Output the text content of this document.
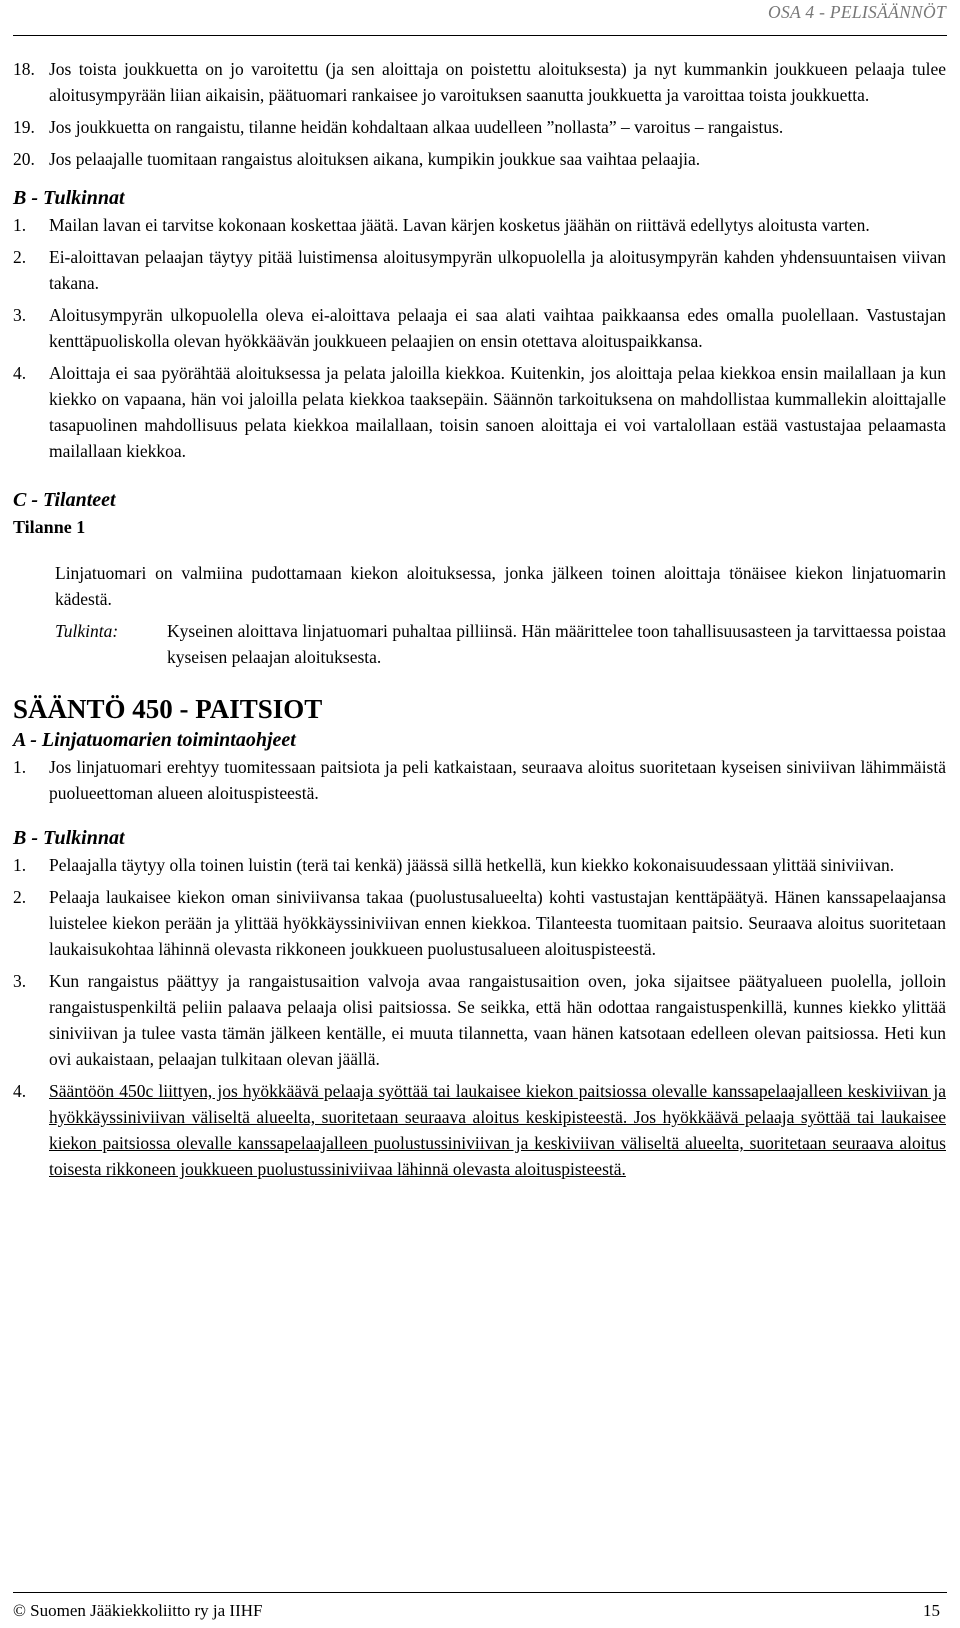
OSA 4 - PELISÄÄNNÖT
18. Jos toista joukkuetta on jo varoitettu (ja sen aloittaja on poistettu aloituksesta) ja nyt kummankin joukkueen pelaaja tulee aloitusympyrään liian aikaisin, päätuomari rankaisee jo varoituksen saanutta joukkuetta ja varoittaa toista joukkuetta.
19. Jos joukkuetta on rangaistu, tilanne heidän kohdaltaan alkaa uudelleen ”nollasta” – varoitus – rangaistus.
20. Jos pelaajalle tuomitaan rangaistus aloituksen aikana, kumpikin joukkue saa vaihtaa pelaajia.
B - Tulkinnat
1.	Mailan lavan ei tarvitse kokonaan koskettaa jäätä. Lavan kärjen kosketus jäähän on riittävä edellytys aloitusta varten.
2.	Ei-aloittavan pelaajan täytyy pitää luistimensa aloitusympyrän ulkopuolella ja aloitusympyrän kahden yhdensuuntaisen viivan takana.
3.	Aloitusympyrän ulkopuolella oleva ei-aloittava pelaaja ei saa alati vaihtaa paikkaansa edes omalla puolellaan. Vastustajan kenttäpuoliskolla olevan hyökkäävän joukkueen pelaajien on ensin otettava aloituspaikkansa.
4.	Aloittaja ei saa pyörähtää aloituksessa ja pelata jaloilla kiekkoa. Kuitenkin, jos aloittaja pelaa kiekkoa ensin mailallaan ja kun kiekko on vapaana, hän voi jaloilla pelata kiekkoa taaksepäin. Säännön tarkoituksena on mahdollistaa kummallekin aloittajalle tasapuolinen mahdollisuus pelata kiekkoa mailallaan, toisin sanoen aloittaja ei voi vartalollaan estää vastustajaa pelaamasta mailallaan kiekkoa.
C - Tilanteet
Tilanne 1
Linjatuomari on valmiina pudottamaan kiekon aloituksessa, jonka jälkeen toinen aloittaja tönäisee kiekon linjatuomarin kädestä.
Tulkinta:	Kyseinen aloittava linjatuomari puhaltaa pilliinsä. Hän määrittelee toon tahallisuusasteen ja tarvittaessa poistaa kyseisen pelaajan aloituksesta.
SÄÄNTÖ 450 - PAITSIOT
A - Linjatuomarien toimintaohjeet
1.	Jos linjatuomari erehtyy tuomitessaan paitsiota ja peli katkaistaan, seuraava aloitus suoritetaan kyseisen siniviivan lähimmäistä puolueettoman alueen aloituspisteestä.
B - Tulkinnat
1.	Pelaajalla täytyy olla toinen luistin (terä tai kenkä) jäässä sillä hetkellä, kun kiekko kokonaisuudessaan ylittää siniviivan.
2.	Pelaaja laukaisee kiekon oman siniviivansa takaa (puolustusalueelta) kohti vastustajan kenttäpäätyä. Hänen kanssapelaajansa luistelee kiekon perään ja ylittää hyökkäyssiniviivan ennen kiekkoa. Tilanteesta tuomitaan paitsio. Seuraava aloitus suoritetaan laukaisukohtaa lähinnä olevasta rikkoneen joukkueen puolustusalueen aloituspisteestä.
3.	Kun rangaistus päättyy ja rangaistusaition valvoja avaa rangaistusaition oven, joka sijaitsee päätyalueen puolella, jolloin rangaistuspenkiltä peliin palaava pelaaja olisi paitsiossa. Se seikka, että hän odottaa rangaistuspenkillä, kunnes kiekko ylittää siniviivan ja tulee vasta tämän jälkeen kentälle, ei muuta tilannetta, vaan hänen katsotaan edelleen olevan paitsiossa. Heti kun ovi aukaistaan, pelaajan tulkitaan olevan jäällä.
4.	Sääntöön 450c liittyen, jos hyökkäävä pelaaja syöttää tai laukaisee kiekon paitsiossa olevalle kanssapelaajalleen keskiviivan ja hyökkäyssiniviivan väliseltä alueelta, suoritetaan seuraava aloitus keskipisteestä. Jos hyökkäävä pelaaja syöttää tai laukaisee kiekon paitsiossa olevalle kanssapelaajalleen puolustussiniviivan ja keskiviivan väliseltä alueelta, suoritetaan seuraava aloitus toisesta rikkoneen joukkueen puolustussiniviivaa lähinnä olevasta aloituspisteestä.
© Suomen Jääkiekkoliitto ry ja IIHF	15
